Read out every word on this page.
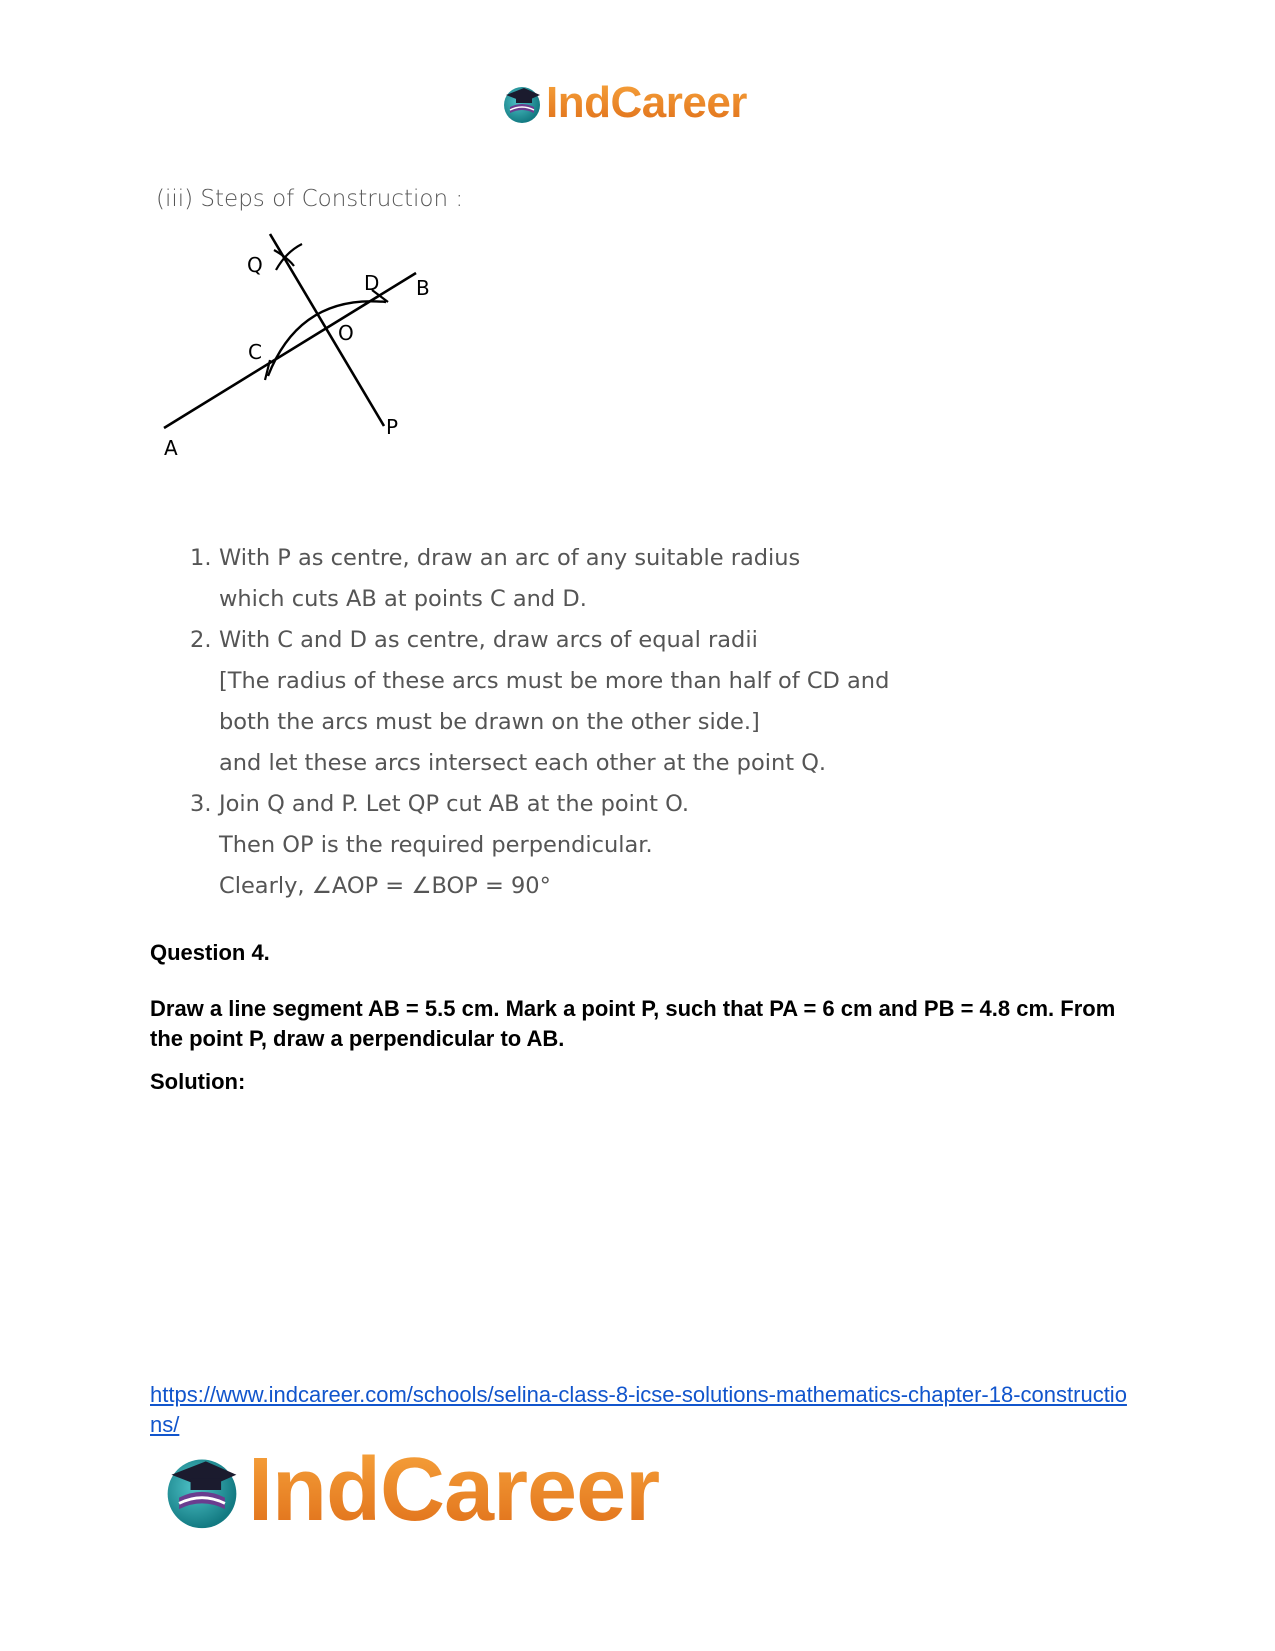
IndCareer
(iii) Steps of Construction :
Q
D B
C
O
A
P
1. With P as centre, draw an arc of any suitable radius
which cuts AB at points C and D.
2. With C and D as centre, draw arcs of equal radii
[The radius of these arcs must be more than half of CD and
both the arcs must be drawn on the other side.]
and let these arcs intersect each other at the point Q.
3. Join Q and P. Let QP cut AB at the point O.
Then OP is the required perpendicular.
Clearly, ∠AOP = ∠BOP = 90°
Question 4.
Draw a line segment AB = 5.5 cm. Mark a point P, such that PA = 6 cm and PB = 4.8 cm. From the point P, draw a perpendicular to AB.
Solution:
https://www.indcareer.com/schools/selina-class-8-icse-solutions-mathematics-chapter-18-constructions/
IndCareer
